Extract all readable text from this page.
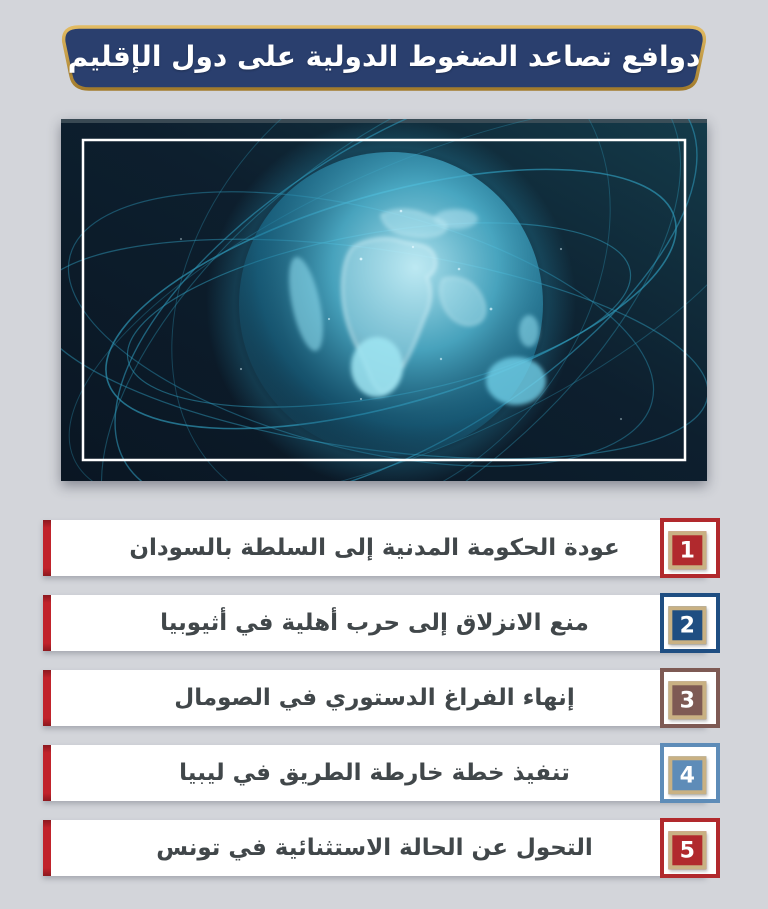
دوافع تصاعد الضغوط الدولية على دول الإقليم
عودة الحكومة المدنية إلى السلطة بالسودان	1
منع الانزلاق إلى حرب أهلية في أثيوبيا	2
إنهاء الفراغ الدستوري في الصومال	3
تنفيذ خطة خارطة الطريق في ليبيا	4
التحول عن الحالة الاستثنائية في تونس	5
